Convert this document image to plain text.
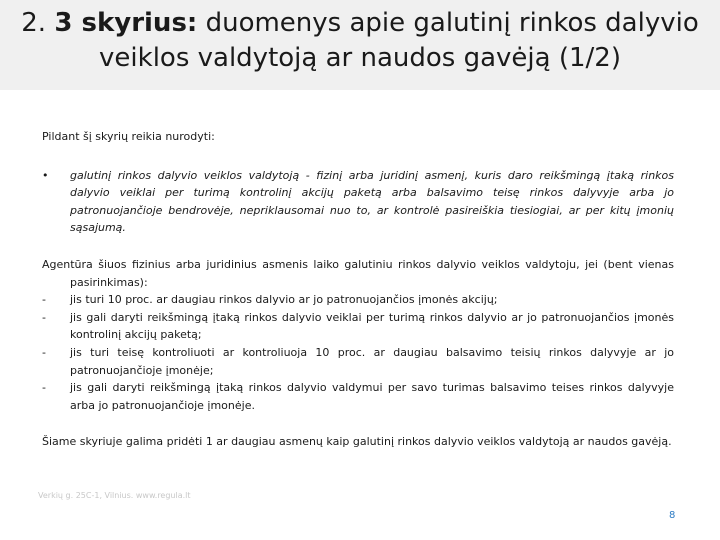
2. 3 skyrius: duomenys apie galutinį rinkos dalyvio veiklos valdytoją ar naudos gavėją (1/2)

Pildant šį skyrių reikia nurodyti:

• galutinį rinkos dalyvio veiklos valdytoją - fizinį arba juridinį asmenį, kuris daro reikšmingą įtaką rinkos dalyvio veiklai per turimą kontrolinį akcijų paketą arba balsavimo teisę rinkos dalyvyje arba jo patronuojančioje bendrovėje, nepriklausomai nuo to, ar kontrolė pasireiškia tiesiogiai, ar per kitų įmonių sąsajumą.

Agentūra šiuos fizinius arba juridinius asmenis laiko galutiniu rinkos dalyvio veiklos valdytoju, jei (bent vienas pasirinkimas):

- jis turi 10 proc. ar daugiau rinkos dalyvio ar jo patronuojančios įmonės akcijų;
- jis gali daryti reikšmingą įtaką rinkos dalyvio veiklai per turimą rinkos dalyvio ar jo patronuojančios įmonės kontrolinį akcijų paketą;
- jis turi teisę kontroliuoti ar kontroliuoja 10 proc. ar daugiau balsavimo teisių rinkos dalyvyje ar jo patronuojančioje įmonėje;
- jis gali daryti reikšmingą įtaką rinkos dalyvio valdymui per savo turimas balsavimo teises rinkos dalyvyje arba jo patronuojančioje įmonėje.

Šiame skyriuje galima pridėti 1 ar daugiau asmenų kaip galutinį rinkos dalyvio veiklos valdytoją ar naudos gavėją.

Verkių g. 25C-1, Vilnius. www.regula.lt
8
